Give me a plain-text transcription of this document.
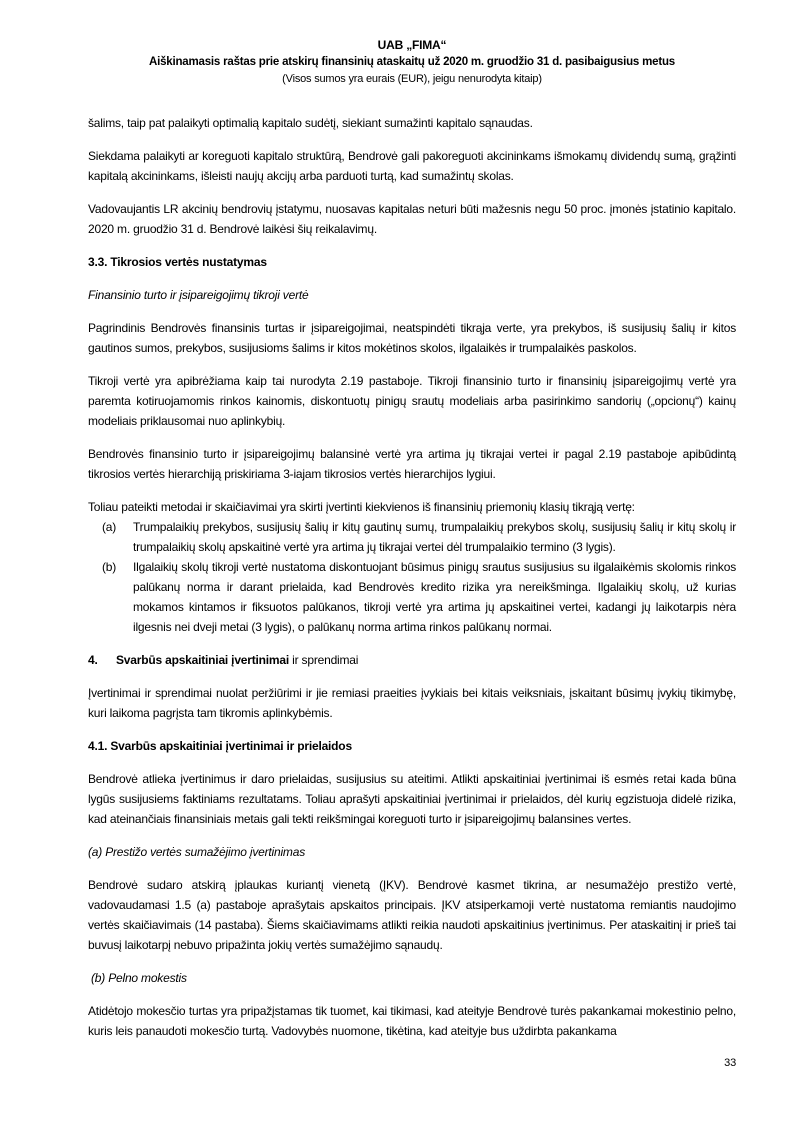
UAB „FIMA“
Aiškinamasis raštas prie atskirų finansinių ataskaitų už 2020 m. gruodžio 31 d. pasibaigusius metus
(Visos sumos yra eurais (EUR), jeigu nenurodyta kitaip)

šalims, taip pat palaikyti optimalią kapitalo sudėtį, siekiant sumažinti kapitalo sąnaudas.

Siekdama palaikyti ar koreguoti kapitalo struktūrą, Bendrovė gali pakoreguoti akcininkams išmokamų dividendų sumą, grąžinti kapitalą akcininkams, išleisti naujų akcijų arba parduoti turtą, kad sumažintų skolas.

Vadovaujantis LR akcinių bendrovių įstatymu, nuosavas kapitalas neturi būti mažesnis negu 50 proc. įmonės įstatinio kapitalo. 2020 m. gruodžio 31 d. Bendrovė laikėsi šių reikalavimų.

3.3. Tikrosios vertės nustatymas

Finansinio turto ir įsipareigojimų tikroji vertė

Pagrindinis Bendrovės finansinis turtas ir įsipareigojimai, neatspindėti tikrąja verte, yra prekybos, iš susijusių šalių ir kitos gautinos sumos, prekybos, susijusioms šalims ir kitos mokėtinos skolos, ilgalaikės ir trumpalaikės paskolos.

Tikroji vertė yra apibrėžiama kaip tai nurodyta 2.19 pastaboje. Tikroji finansinio turto ir finansinių įsipareigojimų vertė yra paremta kotiruojamomis rinkos kainomis, diskontuotų pinigų srautų modeliais arba pasirinkimo sandorių („opcionų“) kainų modeliais priklausomai nuo aplinkybių.

Bendrovės finansinio turto ir įsipareigojimų balansinė vertė yra artima jų tikrajai vertei ir pagal 2.19 pastaboje apibūdintą tikrosios vertės hierarchiją priskiriama 3-iajam tikrosios vertės hierarchijos lygiui.

Toliau pateikti metodai ir skaičiavimai yra skirti įvertinti kiekvienos iš finansinių priemonių klasių tikrąją vertę:

(a)	Trumpalaikių prekybos, susijusių šalių ir kitų gautinų sumų, trumpalaikių prekybos skolų, susijusių šalių ir kitų skolų ir trumpalaikių skolų apskaitinė vertė yra artima jų tikrajai vertei dėl trumpalaikio termino (3 lygis).
(b)	Ilgalaikių skolų tikroji vertė nustatoma diskontuojant būsimus pinigų srautus susijusius su ilgalaikėmis skolomis rinkos palūkanų norma ir darant prielaida, kad Bendrovės kredito rizika yra nereikšminga. Ilgalaikių skolų, už kurias mokamos kintamos ir fiksuotos palūkanos, tikroji vertė yra artima jų apskaitinei vertei, kadangi jų laikotarpis nėra ilgesnis nei dveji metai (3 lygis), o palūkanų norma artima rinkos palūkanų normai.

4. Svarbūs apskaitiniai įvertinimai ir sprendimai

Įvertinimai ir sprendimai nuolat peržiūrimi ir jie remiasi praeities įvykiais bei kitais veiksniais, įskaitant būsimų įvykių tikimybę, kuri laikoma pagrįsta tam tikromis aplinkybėmis.

4.1. Svarbūs apskaitiniai įvertinimai ir prielaidos

Bendrovė atlieka įvertinimus ir daro prielaidas, susijusius su ateitimi. Atlikti apskaitiniai įvertinimai iš esmės retai kada būna lygūs susijusiems faktiniams rezultatams. Toliau aprašyti apskaitiniai įvertinimai ir prielaidos, dėl kurių egzistuoja didelė rizika, kad ateinančiais finansiniais metais gali tekti reikšmingai koreguoti turto ir įsipareigojimų balansines vertes.

(a) Prestižo vertės sumažėjimo įvertinimas

Bendrovė sudaro atskirą įplaukas kuriantį vienetą (ĮKV). Bendrovė kasmet tikrina, ar nesumažėjo prestižo vertė, vadovaudamasi 1.5 (a) pastaboje aprašytais apskaitos principais. ĮKV atsiperkamoji vertė nustatoma remiantis naudojimo vertės skaičiavimais (14 pastaba). Šiems skaičiavimams atlikti reikia naudoti apskaitinius įvertinimus. Per ataskaitinį ir prieš tai buvusį laikotarpį nebuvo pripažinta jokių vertės sumažėjimo sąnaudų.

(b) Pelno mokestis

Atidėtojo mokesčio turtas yra pripažįstamas tik tuomet, kai tikimasi, kad ateityje Bendrovė turės pakankamai mokestinio pelno, kuris leis panaudoti mokesčio turtą. Vadovybės nuomone, tikėtina, kad ateityje bus uždirbta pakankama

33
